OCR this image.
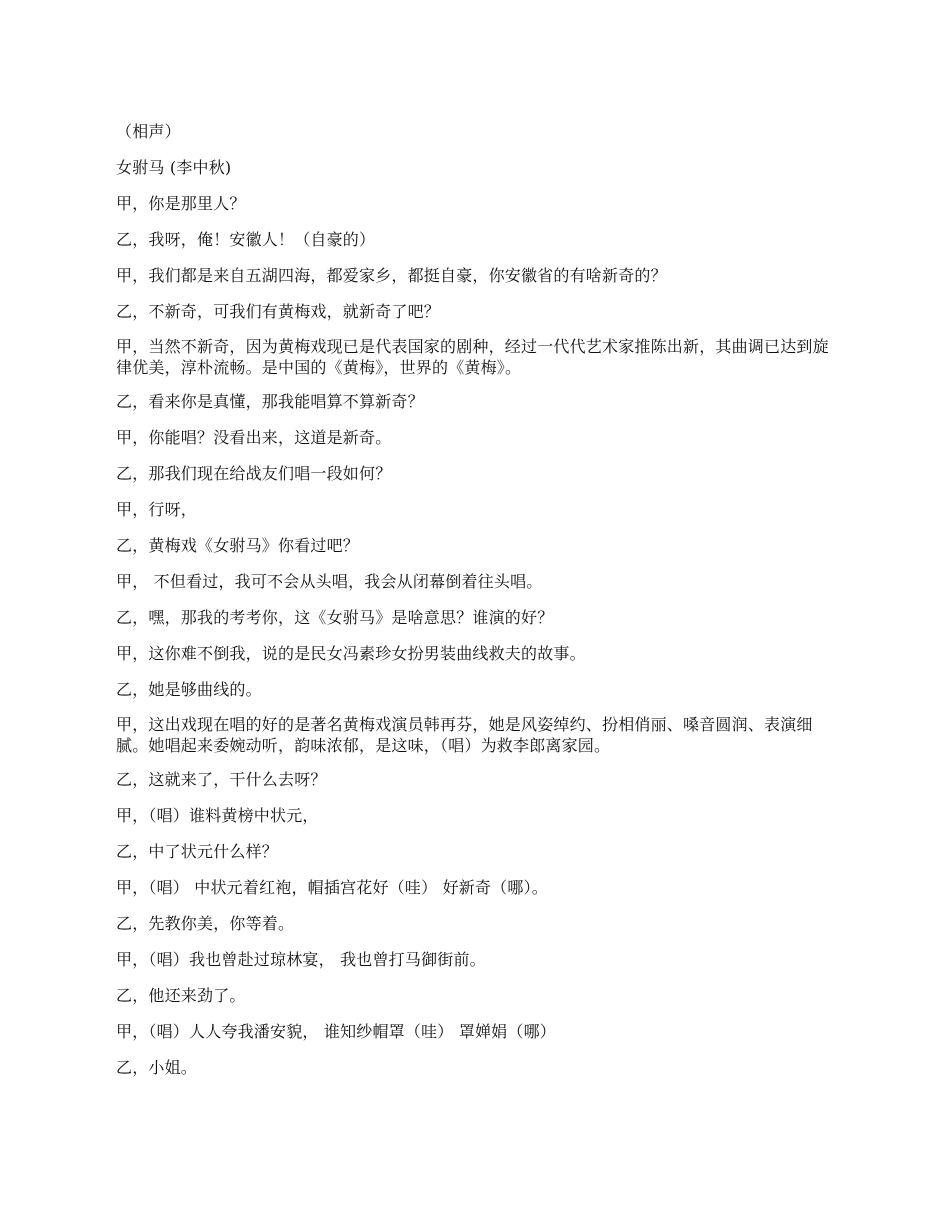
（相声）

女驸马 (李中秋)

甲，你是那里人？

乙，我呀，俺！安徽人！（自豪的）

甲，我们都是来自五湖四海，都爱家乡，都挺自豪，你安徽省的有啥新奇的？

乙，不新奇，可我们有黄梅戏，就新奇了吧？

甲，当然不新奇，因为黄梅戏现已是代表国家的剧种，经过一代代艺术家推陈出新，其曲调已达到旋律优美，淳朴流畅。是中国的《黄梅》，世界的《黄梅》。

乙，看来你是真懂，那我能唱算不算新奇？

甲，你能唱？没看出来，这道是新奇。

乙，那我们现在给战友们唱一段如何？

甲，行呀，

乙，黄梅戏《女驸马》你看过吧？

甲， 不但看过，我可不会从头唱，我会从闭幕倒着往头唱。

乙，嘿，那我的考考你，这《女驸马》是啥意思？谁演的好？

甲，这你难不倒我，说的是民女冯素珍女扮男装曲线救夫的故事。

乙，她是够曲线的。

甲，这出戏现在唱的好的是著名黄梅戏演员韩再芬，她是风姿绰约、扮相俏丽、嗓音圆润、表演细腻。她唱起来委婉动听，韵味浓郁，是这味，（唱）为救李郎离家园。

乙，这就来了，干什么去呀？

甲，（唱）谁料黄榜中状元，

乙，中了状元什么样？

甲，（唱） 中状元着红袍，帽插宫花好（哇） 好新奇（哪）。

乙，先教你美，你等着。

甲，（唱）我也曾赴过琼林宴， 我也曾打马御街前。

乙，他还来劲了。

甲，（唱）人人夸我潘安貌， 谁知纱帽罩（哇） 罩婵娟（哪）

乙，小姐。
